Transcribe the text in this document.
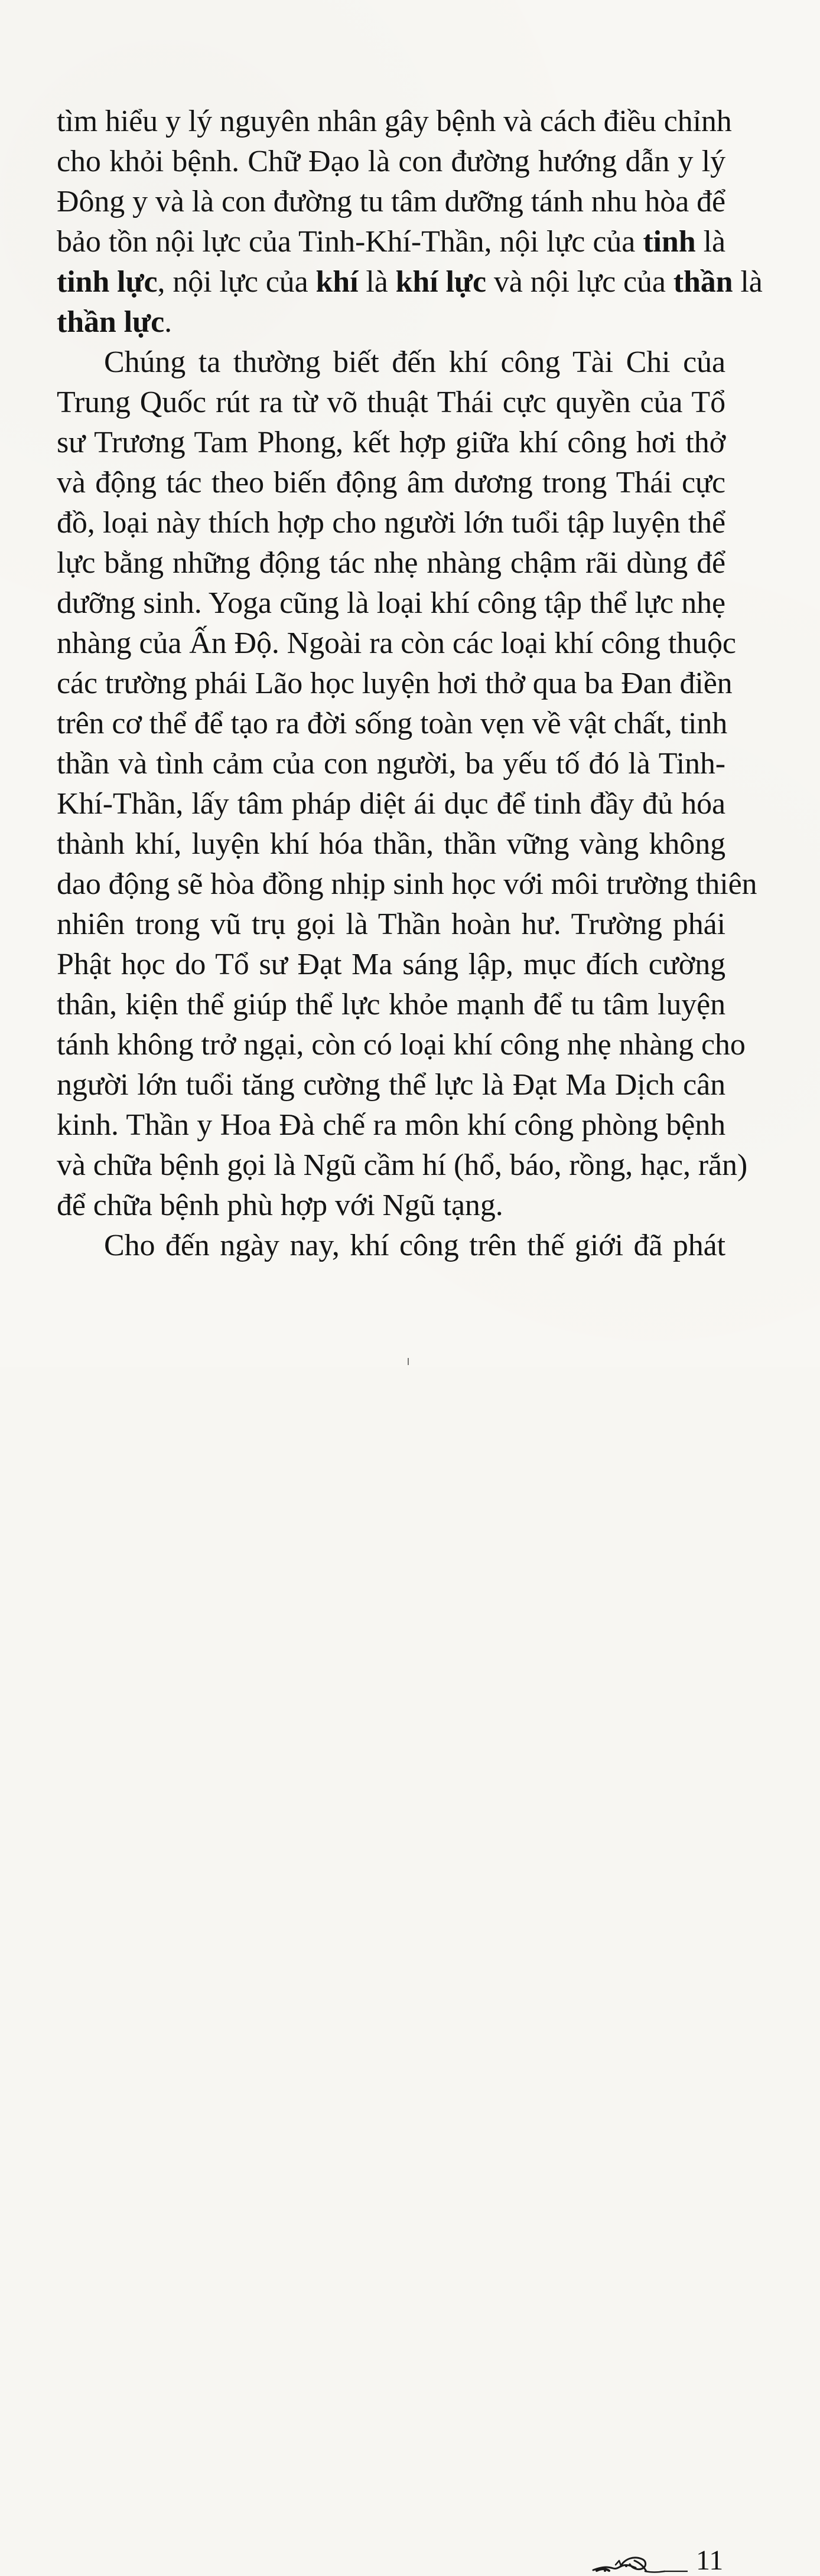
tìm hiểu y lý nguyên nhân gây bệnh và cách điều chỉnh
cho khỏi bệnh. Chữ Đạo là con đường hướng dẫn y lý
Đông y và là con đường tu tâm dưỡng tánh nhu hòa để
bảo tồn nội lực của Tinh-Khí-Thần, nội lực của tinh là
tinh lực, nội lực của khí là khí lực và nội lực của thần là
thần lực.
Chúng ta thường biết đến khí công Tài Chi của
Trung Quốc rút ra từ võ thuật Thái cực quyền của Tổ
sư Trương Tam Phong, kết hợp giữa khí công hơi thở
và động tác theo biến động âm dương trong Thái cực
đồ, loại này thích hợp cho người lớn tuổi tập luyện thể
lực bằng những động tác nhẹ nhàng chậm rãi dùng để
dưỡng sinh. Yoga cũng là loại khí công tập thể lực nhẹ
nhàng của Ấn Độ. Ngoài ra còn các loại khí công thuộc
các trường phái Lão học luyện hơi thở qua ba Đan điền
trên cơ thể để tạo ra đời sống toàn vẹn về vật chất, tinh
thần và tình cảm của con người, ba yếu tố đó là Tinh-
Khí-Thần, lấy tâm pháp diệt ái dục để tinh đầy đủ hóa
thành khí, luyện khí hóa thần, thần vững vàng không
dao động sẽ hòa đồng nhịp sinh học với môi trường thiên
nhiên trong vũ trụ gọi là Thần hoàn hư. Trường phái
Phật học do Tổ sư Đạt Ma sáng lập, mục đích cường
thân, kiện thể giúp thể lực khỏe mạnh để tu tâm luyện
tánh không trở ngại, còn có loại khí công nhẹ nhàng cho
người lớn tuổi tăng cường thể lực là Đạt Ma Dịch cân
kinh. Thần y Hoa Đà chế ra môn khí công phòng bệnh
và chữa bệnh gọi là Ngũ cầm hí (hổ, báo, rồng, hạc, rắn)
để chữa bệnh phù hợp với Ngũ tạng.
Cho đến ngày nay, khí công trên thế giới đã phát
11
